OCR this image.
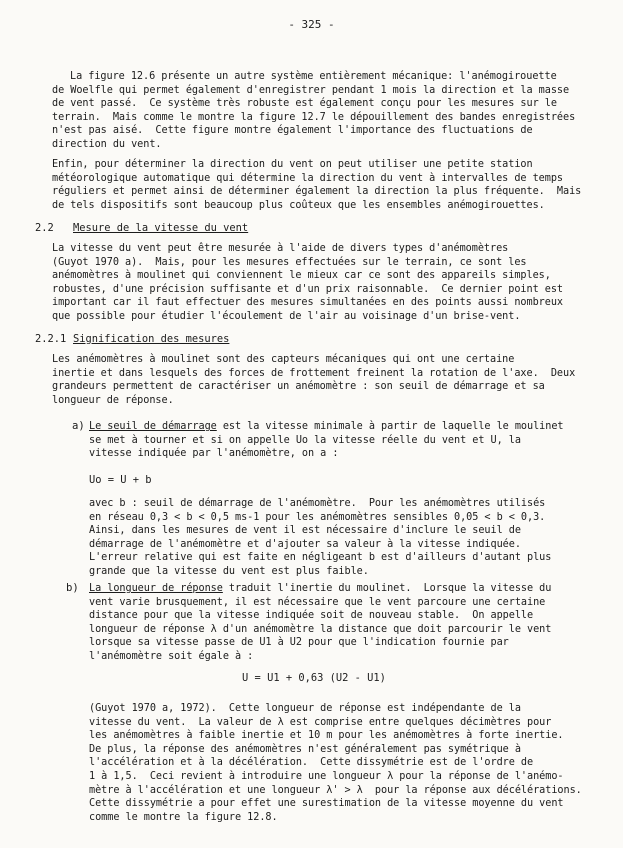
- 325 -

La figure 12.6 présente un autre système entièrement mécanique: l'anémogirouette
de Woelfle qui permet également d'enregistrer pendant 1 mois la direction et la masse
de vent passé.  Ce système très robuste est également conçu pour les mesures sur le
terrain.  Mais comme le montre la figure 12.7 le dépouillement des bandes enregistrées
n'est pas aisé.  Cette figure montre également l'importance des fluctuations de
direction du vent.

Enfin, pour déterminer la direction du vent on peut utiliser une petite station
météorologique automatique qui détermine la direction du vent à intervalles de temps
réguliers et permet ainsi de déterminer également la direction la plus fréquente.  Mais
de tels dispositifs sont beaucoup plus coûteux que les ensembles anémogirouettes.

2.2 Mesure de la vitesse du vent

La vitesse du vent peut être mesurée à l'aide de divers types d'anémomètres
(Guyot 1970 a).  Mais, pour les mesures effectuées sur le terrain, ce sont les
anémomètres à moulinet qui conviennent le mieux car ce sont des appareils simples,
robustes, d'une précision suffisante et d'un prix raisonnable.  Ce dernier point est
important car il faut effectuer des mesures simultanées en des points aussi nombreux
que possible pour étudier l'écoulement de l'air au voisinage d'un brise-vent.

2.2.1 Signification des mesures

Les anémomètres à moulinet sont des capteurs mécaniques qui ont une certaine
inertie et dans lesquels des forces de frottement freinent la rotation de l'axe.  Deux
grandeurs permettent de caractériser un anémomètre : son seuil de démarrage et sa
longueur de réponse.

a) Le seuil de démarrage est la vitesse minimale à partir de laquelle le moulinet
se met à tourner et si on appelle Uo la vitesse réelle du vent et U, la
vitesse indiquée par l'anémomètre, on a :

Uo = U + b

avec b : seuil de démarrage de l'anémomètre.  Pour les anémomètres utilisés
en réseau 0,3 < b < 0,5 ms-1 pour les anémomètres sensibles 0,05 < b < 0,3.
Ainsi, dans les mesures de vent il est nécessaire d'inclure le seuil de
démarrage de l'anémomètre et d'ajouter sa valeur à la vitesse indiquée.
L'erreur relative qui est faite en négligeant b est d'ailleurs d'autant plus
grande que la vitesse du vent est plus faible.

b) La longueur de réponse traduit l'inertie du moulinet.  Lorsque la vitesse du
vent varie brusquement, il est nécessaire que le vent parcoure une certaine
distance pour que la vitesse indiquée soit de nouveau stable.  On appelle
longueur de réponse λ d'un anémomètre la distance que doit parcourir le vent
lorsque sa vitesse passe de U1 à U2 pour que l'indication fournie par
l'anémomètre soit égale à :

U = U1 + 0,63 (U2 - U1)

(Guyot 1970 a, 1972).  Cette longueur de réponse est indépendante de la
vitesse du vent.  La valeur de λ est comprise entre quelques décimètres pour
les anémomètres à faible inertie et 10 m pour les anémomètres à forte inertie.
De plus, la réponse des anémomètres n'est généralement pas symétrique à
l'accélération et à la décélération.  Cette dissymétrie est de l'ordre de
1 à 1,5.  Ceci revient à introduire une longueur λ pour la réponse de l'anémo-
mètre à l'accélération et une longueur λ' > λ  pour la réponse aux décélérations.
Cette dissymétrie a pour effet une surestimation de la vitesse moyenne du vent
comme le montre la figure 12.8.
